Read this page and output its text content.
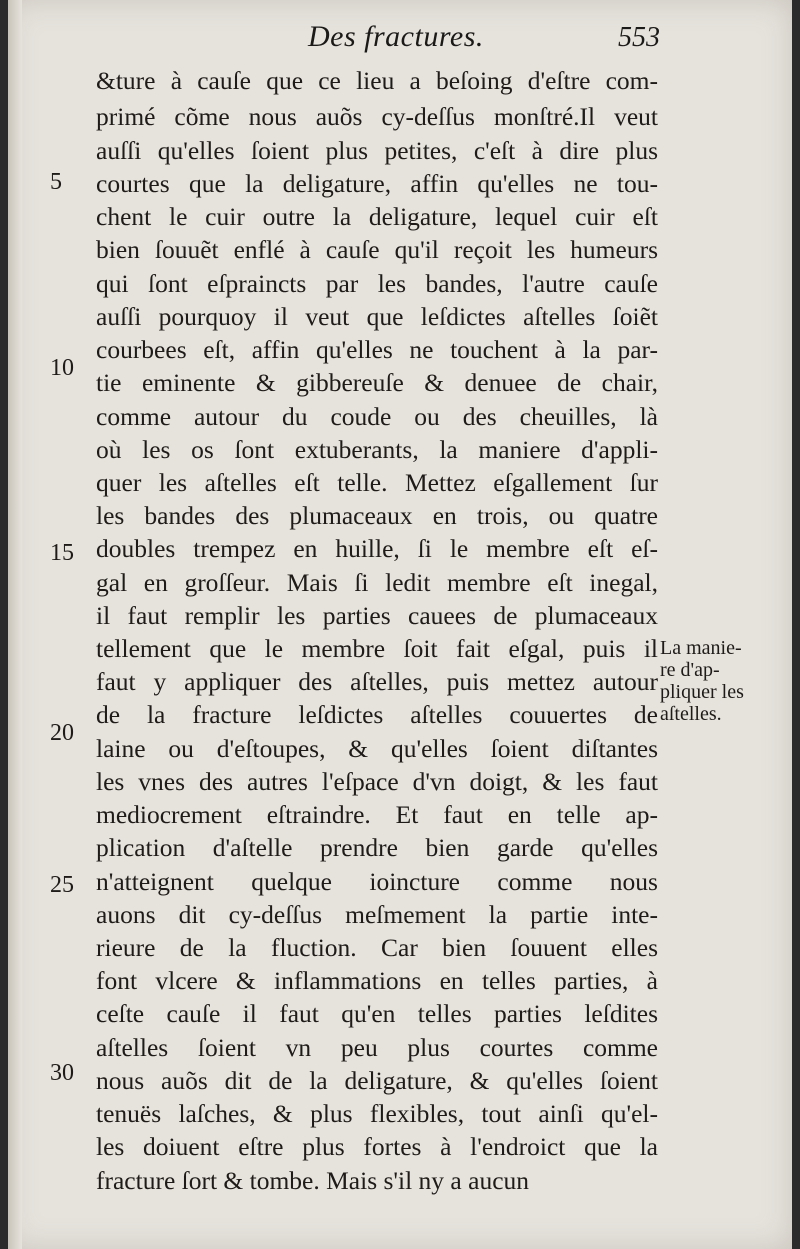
Des fractures.	553
&ture à cauſe que ce lieu a beſoing d'eſtre com-
primé cõme nous auõs cy-deſſus monſtré.Il veut
auſſi qu'elles ſoient plus petites, c'eſt à dire plus
courtes que la deligature, affin qu'elles ne tou-
chent le cuir outre la deligature, lequel cuir eſt
bien ſouuẽt enflé à cauſe qu'il reçoit les humeurs
qui ſont eſpraincts par les bandes, l'autre cauſe
auſſi pourquoy il veut que leſdictes aſtelles ſoiẽt
courbees eſt, affin qu'elles ne touchent à la par-
tie eminente & gibbereuſe & denuee de chair,
comme autour du coude ou des cheuilles, là
où les os ſont extuberants, la maniere d'appli-
quer les aſtelles eſt telle. Mettez eſgallement ſur
les bandes des plumaceaux en trois, ou quatre
doubles trempez en huille, ſi le membre eſt eſ-
gal en groſſeur. Mais ſi ledit membre eſt inegal,
il faut remplir les parties cauees de plumaceaux
tellement que le membre ſoit fait eſgal, puis il
faut y appliquer des aſtelles, puis mettez autour
de la fracture leſdictes aſtelles couuertes de
laine ou d'eſtoupes, & qu'elles ſoient diſtantes
les vnes des autres l'eſpace d'vn doigt, & les faut
mediocrement eſtraindre. Et faut en telle ap-
plication d'aſtelle prendre bien garde qu'elles
n'atteignent quelque ioincture comme nous
auons dit cy-deſſus meſmement la partie inte-
rieure de la fluction. Car bien ſouuent elles
font vlcere & inflammations en telles parties, à
ceſte cauſe il faut qu'en telles parties leſdites
aſtelles ſoient vn peu plus courtes comme
nous auõs dit de la deligature, & qu'elles ſoient
tenuës laſches, & plus flexibles, tout ainſi qu'el-
les doiuent eſtre plus fortes à l'endroict que la
fracture ſort & tombe. Mais s'il ny a aucun
5
10
15
20
25
30
La manie-
re d'ap-
pliquer les
aſtelles.
